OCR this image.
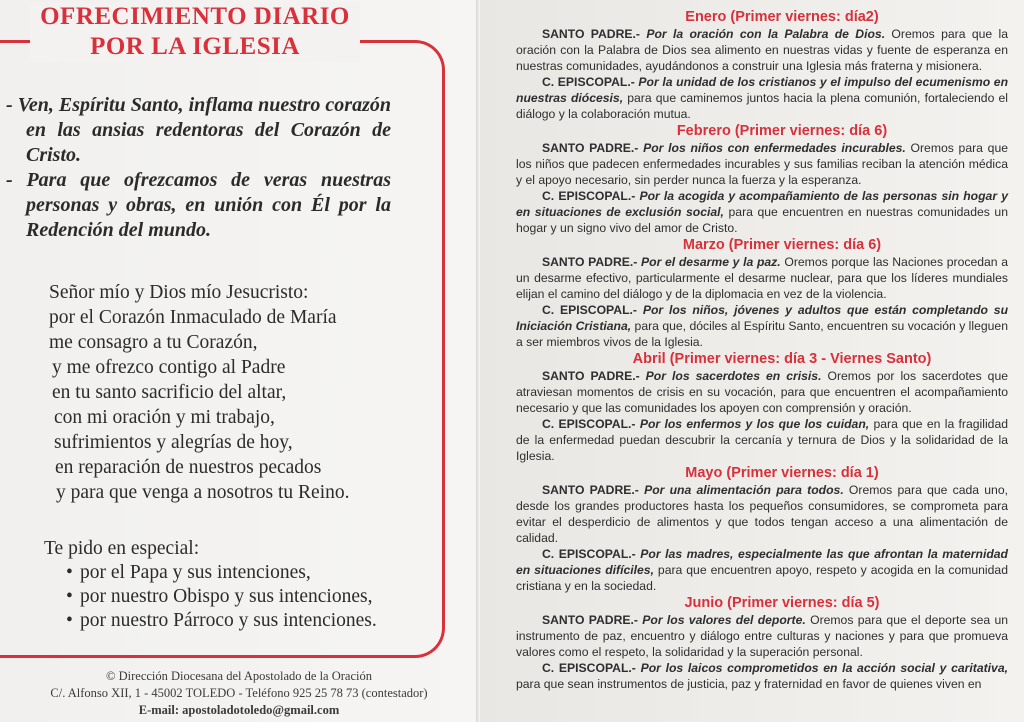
OFRECIMIENTO DIARIO
POR LA IGLESIA

- Ven, Espíritu Santo, inflama nuestro corazón en las ansias redentoras del Corazón de Cristo.

- Para que ofrezcamos de veras nuestras personas y obras, en unión con Él por la Redención del mundo.

Señor mío y Dios mío Jesucristo:
por el Corazón Inmaculado de María
me consagro a tu Corazón,
y me ofrezco contigo al Padre
en tu santo sacrificio del altar,
con mi oración y mi trabajo,
sufrimientos y alegrías de hoy,
en reparación de nuestros pecados
y para que venga a nosotros tu Reino.
Te pido en especial:
• por el Papa y sus intenciones,
• por nuestro Obispo y sus intenciones,
• por nuestro Párroco y sus intenciones.
© Dirección Diocesana del Apostolado de la Oración
C/. Alfonso XII, 1 - 45002 TOLEDO - Teléfono 925 25 78 73 (contestador)
E-mail: apostoladotoledo@gmail.com
Enero (Primer viernes: día2)

SANTO PADRE.- Por la oración con la Palabra de Dios. Oremos para que la oración con la Palabra de Dios sea alimento en nuestras vidas y fuente de esperanza en nuestras comunidades, ayudándonos a construir una Iglesia más fraterna y misionera.

C. EPISCOPAL.- Por la unidad de los cristianos y el impulso del ecumenismo en nuestras diócesis, para que caminemos juntos hacia la plena comunión, fortaleciendo el diálogo y la colaboración mutua.

Febrero (Primer viernes: día 6)

SANTO PADRE.- Por los niños con enfermedades incurables. Oremos para que los niños que padecen enfermedades incurables y sus familias reciban la atención médica y el apoyo necesario, sin perder nunca la fuerza y la esperanza.

C. EPISCOPAL.- Por la acogida y acompañamiento de las personas sin hogar y en situaciones de exclusión social, para que encuentren en nuestras comunidades un hogar y un signo vivo del amor de Cristo.

Marzo (Primer viernes: día 6)

SANTO PADRE.- Por el desarme y la paz. Oremos porque las Naciones procedan a un desarme efectivo, particularmente el desarme nuclear, para que los líderes mundiales elijan el camino del diálogo y de la diplomacia en vez de la violencia.

C. EPISCOPAL.- Por los niños, jóvenes y adultos que están completando su Iniciación Cristiana, para que, dóciles al Espíritu Santo, encuentren su vocación y lleguen a ser miembros vivos de la Iglesia.

Abril (Primer viernes: día 3 - Viernes Santo)

SANTO PADRE.- Por los sacerdotes en crisis. Oremos por los sacerdotes que atraviesan momentos de crisis en su vocación, para que encuentren el acompañamiento necesario y que las comunidades los apoyen con comprensión y oración.

C. EPISCOPAL.- Por los enfermos y los que los cuidan, para que en la fragilidad de la enfermedad puedan descubrir la cercanía y ternura de Dios y la solidaridad de la Iglesia.

Mayo (Primer viernes: día 1)

SANTO PADRE.- Por una alimentación para todos. Oremos para que cada uno, desde los grandes productores hasta los pequeños consumidores, se comprometa para evitar el desperdicio de alimentos y que todos tengan acceso a una alimentación de calidad.

C. EPISCOPAL.- Por las madres, especialmente las que afrontan la maternidad en situaciones difíciles, para que encuentren apoyo, respeto y acogida en la comunidad cristiana y en la sociedad.

Junio (Primer viernes: día 5)

SANTO PADRE.- Por los valores del deporte. Oremos para que el deporte sea un instrumento de paz, encuentro y diálogo entre culturas y naciones y para que promueva valores como el respeto, la solidaridad y la superación personal.

C. EPISCOPAL.- Por los laicos comprometidos en la acción social y caritativa, para que sean instrumentos de justicia, paz y fraternidad en favor de quienes viven en
